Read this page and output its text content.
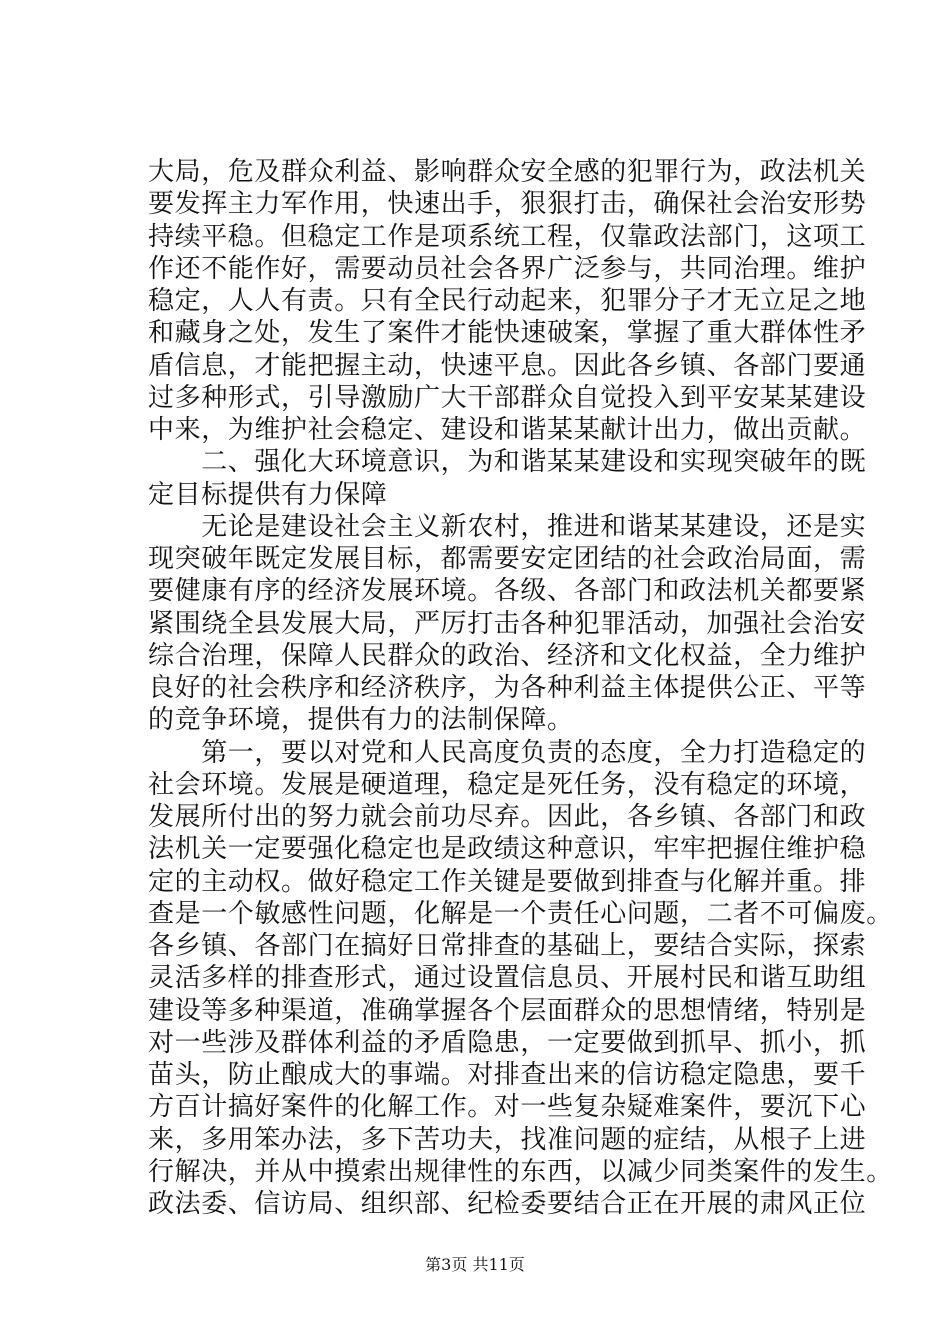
大局，危及群众利益、影响群众安全感的犯罪行为，政法机关
要发挥主力军作用，快速出手，狠狠打击，确保社会治安形势
持续平稳。但稳定工作是项系统工程，仅靠政法部门，这项工
作还不能作好，需要动员社会各界广泛参与，共同治理。维护
稳定，人人有责。只有全民行动起来，犯罪分子才无立足之地
和藏身之处，发生了案件才能快速破案，掌握了重大群体性矛
盾信息，才能把握主动，快速平息。因此各乡镇、各部门要通
过多种形式，引导激励广大干部群众自觉投入到平安某某建设
中来，为维护社会稳定、建设和谐某某献计出力，做出贡献。
　　二、强化大环境意识，为和谐某某建设和实现突破年的既
定目标提供有力保障
　　无论是建设社会主义新农村，推进和谐某某建设，还是实
现突破年既定发展目标，都需要安定团结的社会政治局面，需
要健康有序的经济发展环境。各级、各部门和政法机关都要紧
紧围绕全县发展大局，严厉打击各种犯罪活动，加强社会治安
综合治理，保障人民群众的政治、经济和文化权益，全力维护
良好的社会秩序和经济秩序，为各种利益主体提供公正、平等
的竞争环境，提供有力的法制保障。
　　第一，要以对党和人民高度负责的态度，全力打造稳定的
社会环境。发展是硬道理，稳定是死任务，没有稳定的环境，
发展所付出的努力就会前功尽弃。因此，各乡镇、各部门和政
法机关一定要强化稳定也是政绩这种意识，牢牢把握住维护稳
定的主动权。做好稳定工作关键是要做到排查与化解并重。排
查是一个敏感性问题，化解是一个责任心问题，二者不可偏废。
各乡镇、各部门在搞好日常排查的基础上，要结合实际，探索
灵活多样的排查形式，通过设置信息员、开展村民和谐互助组
建设等多种渠道，准确掌握各个层面群众的思想情绪，特别是
对一些涉及群体利益的矛盾隐患，一定要做到抓早、抓小，抓
苗头，防止酿成大的事端。对排查出来的信访稳定隐患，要千
方百计搞好案件的化解工作。对一些复杂疑难案件，要沉下心
来，多用笨办法，多下苦功夫，找准问题的症结，从根子上进
行解决，并从中摸索出规律性的东西，以减少同类案件的发生。
政法委、信访局、组织部、纪检委要结合正在开展的肃风正位
第3页 共11页
